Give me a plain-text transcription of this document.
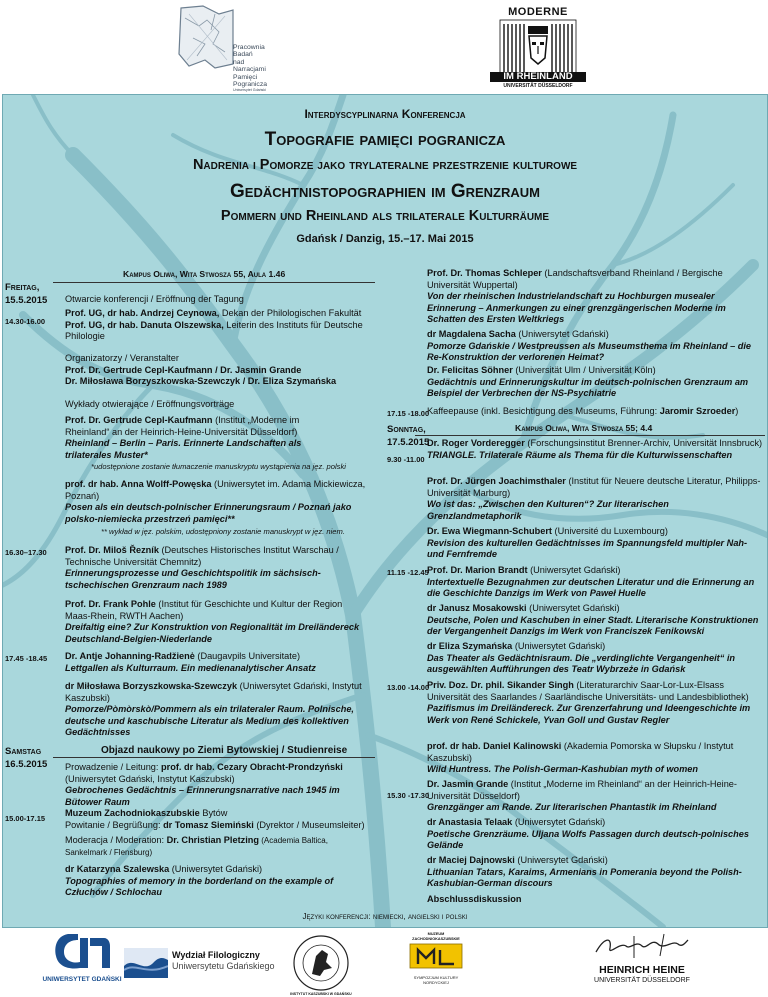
Pracownia
Badań
nad
Narracjami
Pamięci
Pogranicza
Uniwersytet Gdański
MODERNE
IM RHEINLAND
UNIVERSITÄT DÜSSELDORF
Interdyscyplinarna Konferencja
Topografie pamięci pogranicza
Nadrenia i Pomorze jako trylateralne przestrzenie kulturowe
Gedächtnistopographien im Grenzraum
Pommern und Rheinland als trilaterale Kulturräume
Gdańsk / Danzig, 15.–17. Mai 2015
Kampus Oliwa, Wita Stwosza 55, Aula 1.46
Freitag,
15.5.2015 Otwarcie konferencji / Eröffnung der Tagung
14.30-16.00
Prof. UG, dr hab. Andrzej Ceynowa, Dekan der Philologischen Fakultät
Prof. UG, dr hab. Danuta Olszewska, Leiterin des Instituts für Deutsche Philologie
Organizatorzy / Veranstalter
Prof. Dr. Gertrude Cepl-Kaufmann / Dr. Jasmin Grande
Dr. Miłosława Borzyszkowska-Szewczyk / Dr. Eliza Szymańska
Wykłady otwierające / Eröffnungsvorträge
Prof. Dr. Gertrude Cepl-Kaufmann (Institut „Moderne im Rheinland“ an der Heinrich-Heine-Universität Düsseldorf)
Rheinland – Berlin – Paris. Erinnerte Landschaften als trilaterales Muster*
*udostępnione zostanie tłumaczenie manuskryptu wystąpienia na jęz. polski
prof. dr hab. Anna Wolff-Powęska (Uniwersytet im. Adama Mickiewicza, Poznań)
Posen als ein deutsch-polnischer Erinnerungsraum / Poznań jako polsko-niemiecka przestrzeń pamięci**
** wykład w jęz. polskim, udostępniony zostanie manuskrypt w jęz. niem.
16.30–17.30 Prof. Dr. Miloš Řezník (Deutsches Historisches Institut Warschau / Technische Universität Chemnitz)
Erinnerungsprozesse und Geschichtspolitik im sächsisch-tschechischen Grenzraum nach 1989
Prof. Dr. Frank Pohle (Institut für Geschichte und Kultur der Region Maas-Rhein, RWTH Aachen)
Dreifaltig eine? Zur Konstruktion von Regionalität im Dreiländereck Deutschland-Belgien-Niederlande
17.45 -18.45 Dr. Antje Johanning-Radžienė (Daugavpils Universitate)
Lettgallen als Kulturraum. Ein medienanalytischer Ansatz
dr Miłosława Borzyszkowska-Szewczyk (Uniwersytet Gdański, Instytut Kaszubski)
Pomorze/Pòmòrskò/Pommern als ein trilateraler Raum. Polnische, deutsche und kaschubische Literatur als Medium des kollektiven Gedächtnisses
Samstag
16.5.2015
Objazd naukowy po Ziemi Bytowskiej / Studienreise
Prowadzenie / Leitung: prof. dr hab. Cezary Obracht-Prondzyński (Uniwersytet Gdański, Instytut Kaszubski)
Gebrochenes Gedächtnis – Erinnerungsnarrative nach 1945 im Bütower Raum
15.00-17.15
Muzeum Zachodniokaszubskie Bytów
Powitanie / Begrüßung: dr Tomasz Siemiński (Dyrektor / Museumsleiter)
Moderacja / Moderation: Dr. Christian Pletzing (Academia Baltica, Sankelmark / Flensburg)
dr Katarzyna Szalewska (Uniwersytet Gdański)
Topographies of memory in the borderland on the example of Człuchów / Schlochau
Prof. Dr. Thomas Schleper (Landschaftsverband Rheinland / Bergische Universität Wuppertal)
Von der rheinischen Industrielandschaft zu Hochburgen musealer Erinnerung – Anmerkungen zu einer grenzgängerischen Moderne im Schatten des Ersten Weltkriegs
dr Magdalena Sacha (Uniwersytet Gdański)
Pomorze Gdańskie / Westpreussen als Museumsthema im Rheinland – die Re-Konstruktion der verlorenen Heimat?
Dr. Felicitas Söhner (Universität Ulm / Universität Köln)
Gedächtnis und Erinnerungskultur im deutsch-polnischen Grenzraum am Beispiel der Verbrechen der NS-Psychiatrie
17.15 -18.00
Kaffeepause (inkl. Besichtigung des Museums, Führung: Jaromir Szroeder)
Kampus Oliwa, Wita Stwosza 55; 4.4
Sonntag,
17.5.2015
9.30 -11.00
Dr. Roger Vorderegger (Forschungsinstitut Brenner-Archiv, Universität Innsbruck)
TRIANGLE. Trilaterale Räume als Thema für die Kulturwissenschaften
Prof. Dr. Jürgen Joachimsthaler (Institut für Neuere deutsche Literatur, Philipps-Universität Marburg)
Wo ist das: „Zwischen den Kulturen“? Zur literarischen Grenzlandmetaphorik
Dr. Ewa Wiegmann-Schubert (Université du Luxembourg)
Revision des kulturellen Gedächtnisses im Spannungsfeld multipler Nah- und Fernfremde
11.15 -12.45
Prof. Dr. Marion Brandt (Uniwersytet Gdański)
Intertextuelle Bezugnahmen zur deutschen Literatur und die Erinnerung an die Geschichte Danzigs im Werk von Paweł Huelle
dr Janusz Mosakowski (Uniwersytet Gdański)
Deutsche, Polen und Kaschuben in einer Stadt. Literarische Konstruktionen der Vergangenheit Danzigs im Werk von Franciszek Fenikowski
dr Eliza Szymańska (Uniwersytet Gdański)
Das Theater als Gedächtnisraum. Die „verdinglichte Vergangenheit“ in ausgewählten Aufführungen des Teatr Wybrzeże in Gdańsk
13.00 -14.00
Priv. Doz. Dr. phil. Sikander Singh (Literaturarchiv Saar-Lor-Lux-Elsass Universität des Saarlandes / Saarländische Universitäts- und Landesbibliothek)
Pazifismus im Dreiländereck. Zur Grenzerfahrung und Ideengeschichte im Werk von René Schickele, Yvan Goll und Gustav Regler
prof. dr hab. Daniel Kalinowski (Akademia Pomorska w Słupsku / Instytut Kaszubski)
Wild Huntress. The Polish-German-Kashubian myth of women
15.30 -17.30
Dr. Jasmin Grande (Institut „Moderne im Rheinland“ an der Heinrich-Heine-Universität Düsseldorf)
Grenzgänger am Rande. Zur literarischen Phantastik im Rheinland
dr Anastasia Telaak (Uniwersytet Gdański)
Poetische Grenzräume. Uljana Wolfs Passagen durch deutsch-polnisches Gelände
dr Maciej Dajnowski (Uniwersytet Gdański)
Lithuanian Tatars, Karaims, Armenians in Pomerania beyond the Polish-Kashubian-German discours
Abschlussdiskussion
Języki konferencji: niemiecki, angielski i polski
UNIWERSYTET GDAŃSKI
Wydział Filologiczny
Uniwersytetu Gdańskiego
INSTYTUT KASZUBSKI W GDAŃSKU
MUZEUM ZACHODNIOKASZUBSKIE
SYMPOZJUM KULTURY NORDYCKIEJ
HEINRICH HEINE
UNIVERSITÄT DÜSSELDORF
